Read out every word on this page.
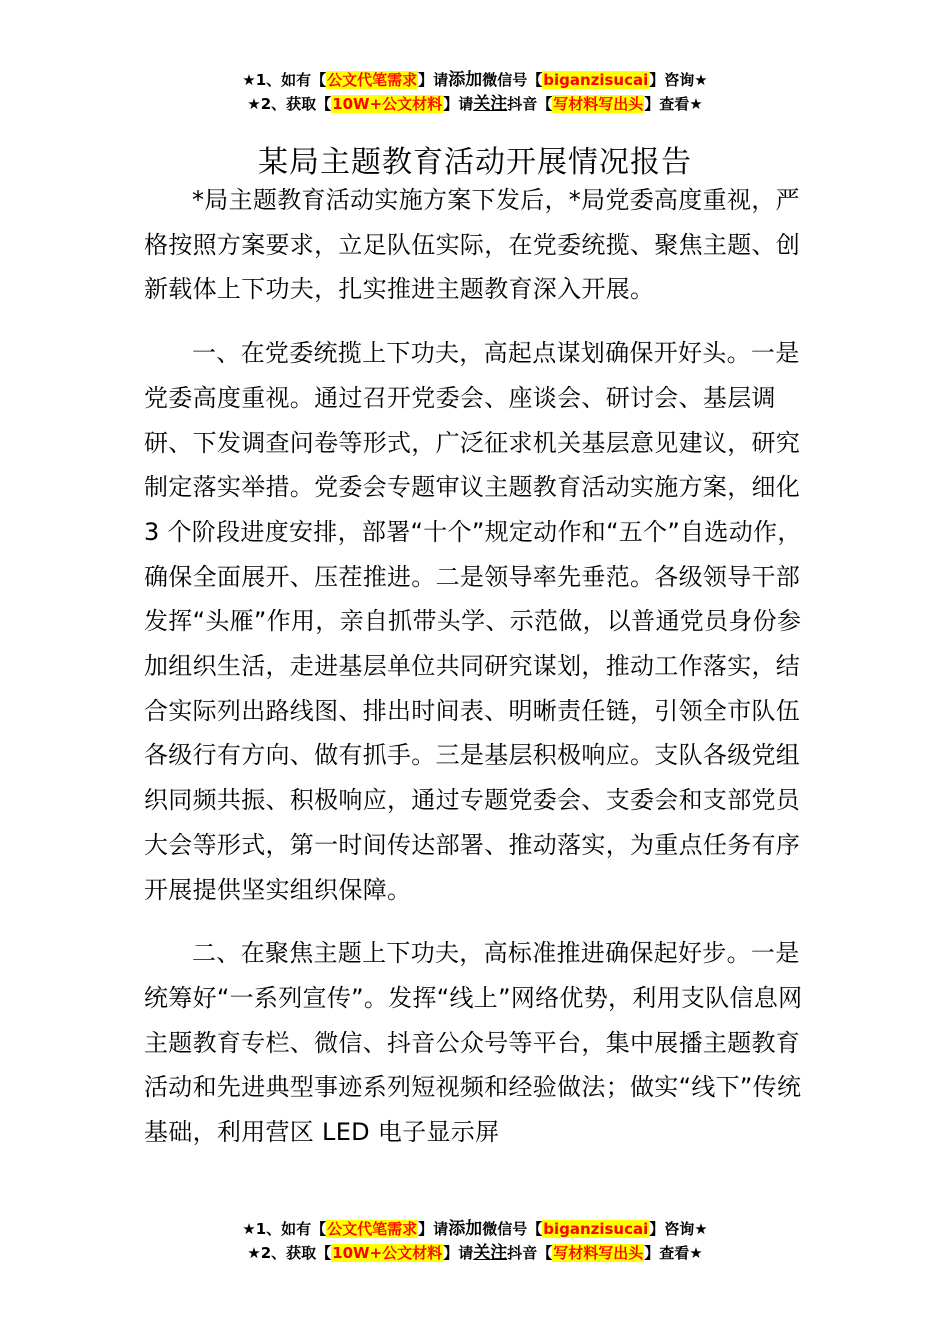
★1、如有【公文代笔需求】请添加微信号【biganzisucai】咨询★
★2、获取【10W+公文材料】请关注抖音【写材料写出头】查看★
某局主题教育活动开展情况报告

*局主题教育活动实施方案下发后，*局党委高度重视，严格按照方案要求，立足队伍实际，在党委统揽、聚焦主题、创新载体上下功夫，扎实推进主题教育深入开展。

一、在党委统揽上下功夫，高起点谋划确保开好头。一是党委高度重视。通过召开党委会、座谈会、研讨会、基层调研、下发调查问卷等形式，广泛征求机关基层意见建议，研究制定落实举措。党委会专题审议主题教育活动实施方案，细化 3 个阶段进度安排，部署“十个”规定动作和“五个”自选动作，确保全面展开、压茬推进。二是领导率先垂范。各级领导干部发挥“头雁”作用，亲自抓带头学、示范做，以普通党员身份参加组织生活，走进基层单位共同研究谋划，推动工作落实，结合实际列出路线图、排出时间表、明晰责任链，引领全市队伍各级行有方向、做有抓手。三是基层积极响应。支队各级党组织同频共振、积极响应，通过专题党委会、支委会和支部党员大会等形式，第一时间传达部署、推动落实，为重点任务有序开展提供坚实组织保障。

二、在聚焦主题上下功夫，高标准推进确保起好步。一是统筹好“一系列宣传”。发挥“线上”网络优势，利用支队信息网主题教育专栏、微信、抖音公众号等平台，集中展播主题教育活动和先进典型事迹系列短视频和经验做法；做实“线下”传统基础，利用营区 LED 电子显示屏

★1、如有【公文代笔需求】请添加微信号【biganzisucai】咨询★
★2、获取【10W+公文材料】请关注抖音【写材料写出头】查看★
